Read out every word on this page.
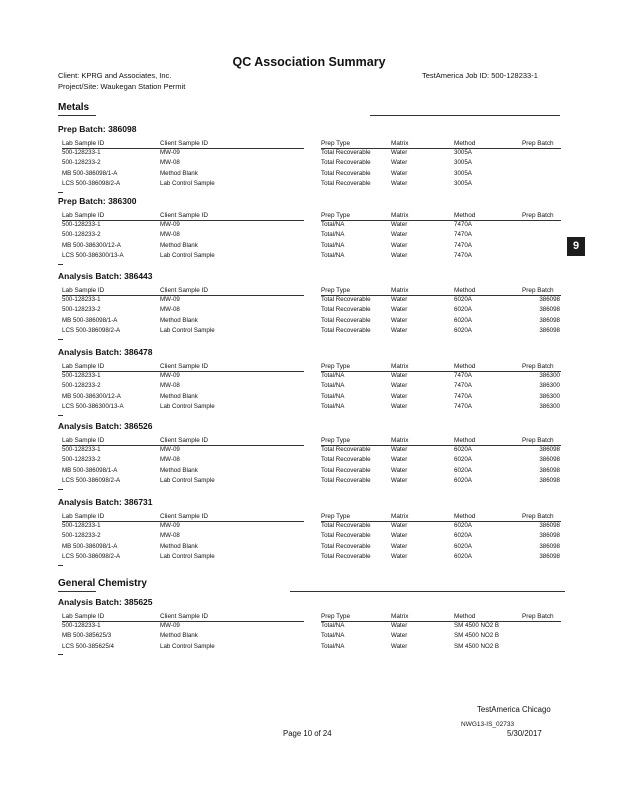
QC Association Summary
Client: KPRG and Associates, Inc.
Project/Site: Waukegan Station Permit
TestAmerica Job ID: 500-128233-1
9
Metals
Prep Batch: 386098
Lab Sample ID	Client Sample ID	Prep Type	Matrix	Method	Prep Batch
500-128233-1	MW-09	Total Recoverable	Water	3005A
500-128233-2	MW-08	Total Recoverable	Water	3005A
MB 500-386098/1-A	Method Blank	Total Recoverable	Water	3005A
LCS 500-386098/2-A	Lab Control Sample	Total Recoverable	Water	3005A
Prep Batch: 386300
Lab Sample ID	Client Sample ID	Prep Type	Matrix	Method	Prep Batch
500-128233-1	MW-09	Total/NA	Water	7470A
500-128233-2	MW-08	Total/NA	Water	7470A
MB 500-386300/12-A	Method Blank	Total/NA	Water	7470A
LCS 500-386300/13-A	Lab Control Sample	Total/NA	Water	7470A
Analysis Batch: 386443
Lab Sample ID	Client Sample ID	Prep Type	Matrix	Method	Prep Batch
500-128233-1	MW-09	Total Recoverable	Water	6020A	386098
500-128233-2	MW-08	Total Recoverable	Water	6020A	386098
MB 500-386098/1-A	Method Blank	Total Recoverable	Water	6020A	386098
LCS 500-386098/2-A	Lab Control Sample	Total Recoverable	Water	6020A	386098
Analysis Batch: 386478
Lab Sample ID	Client Sample ID	Prep Type	Matrix	Method	Prep Batch
500-128233-1	MW-09	Total/NA	Water	7470A	386300
500-128233-2	MW-08	Total/NA	Water	7470A	386300
MB 500-386300/12-A	Method Blank	Total/NA	Water	7470A	386300
LCS 500-386300/13-A	Lab Control Sample	Total/NA	Water	7470A	386300
Analysis Batch: 386526
Lab Sample ID	Client Sample ID	Prep Type	Matrix	Method	Prep Batch
500-128233-1	MW-09	Total Recoverable	Water	6020A	386098
500-128233-2	MW-08	Total Recoverable	Water	6020A	386098
MB 500-386098/1-A	Method Blank	Total Recoverable	Water	6020A	386098
LCS 500-386098/2-A	Lab Control Sample	Total Recoverable	Water	6020A	386098
Analysis Batch: 386731
Lab Sample ID	Client Sample ID	Prep Type	Matrix	Method	Prep Batch
500-128233-1	MW-09	Total Recoverable	Water	6020A	386098
500-128233-2	MW-08	Total Recoverable	Water	6020A	386098
MB 500-386098/1-A	Method Blank	Total Recoverable	Water	6020A	386098
LCS 500-386098/2-A	Lab Control Sample	Total Recoverable	Water	6020A	386098
General Chemistry
Analysis Batch: 385625
Lab Sample ID	Client Sample ID	Prep Type	Matrix	Method	Prep Batch
500-128233-1	MW-09	Total/NA	Water	SM 4500 NO2 B
MB 500-385625/3	Method Blank	Total/NA	Water	SM 4500 NO2 B
LCS 500-385625/4	Lab Control Sample	Total/NA	Water	SM 4500 NO2 B
TestAmerica Chicago
NWG13-IS_02733
Page 10 of 24	5/30/2017
